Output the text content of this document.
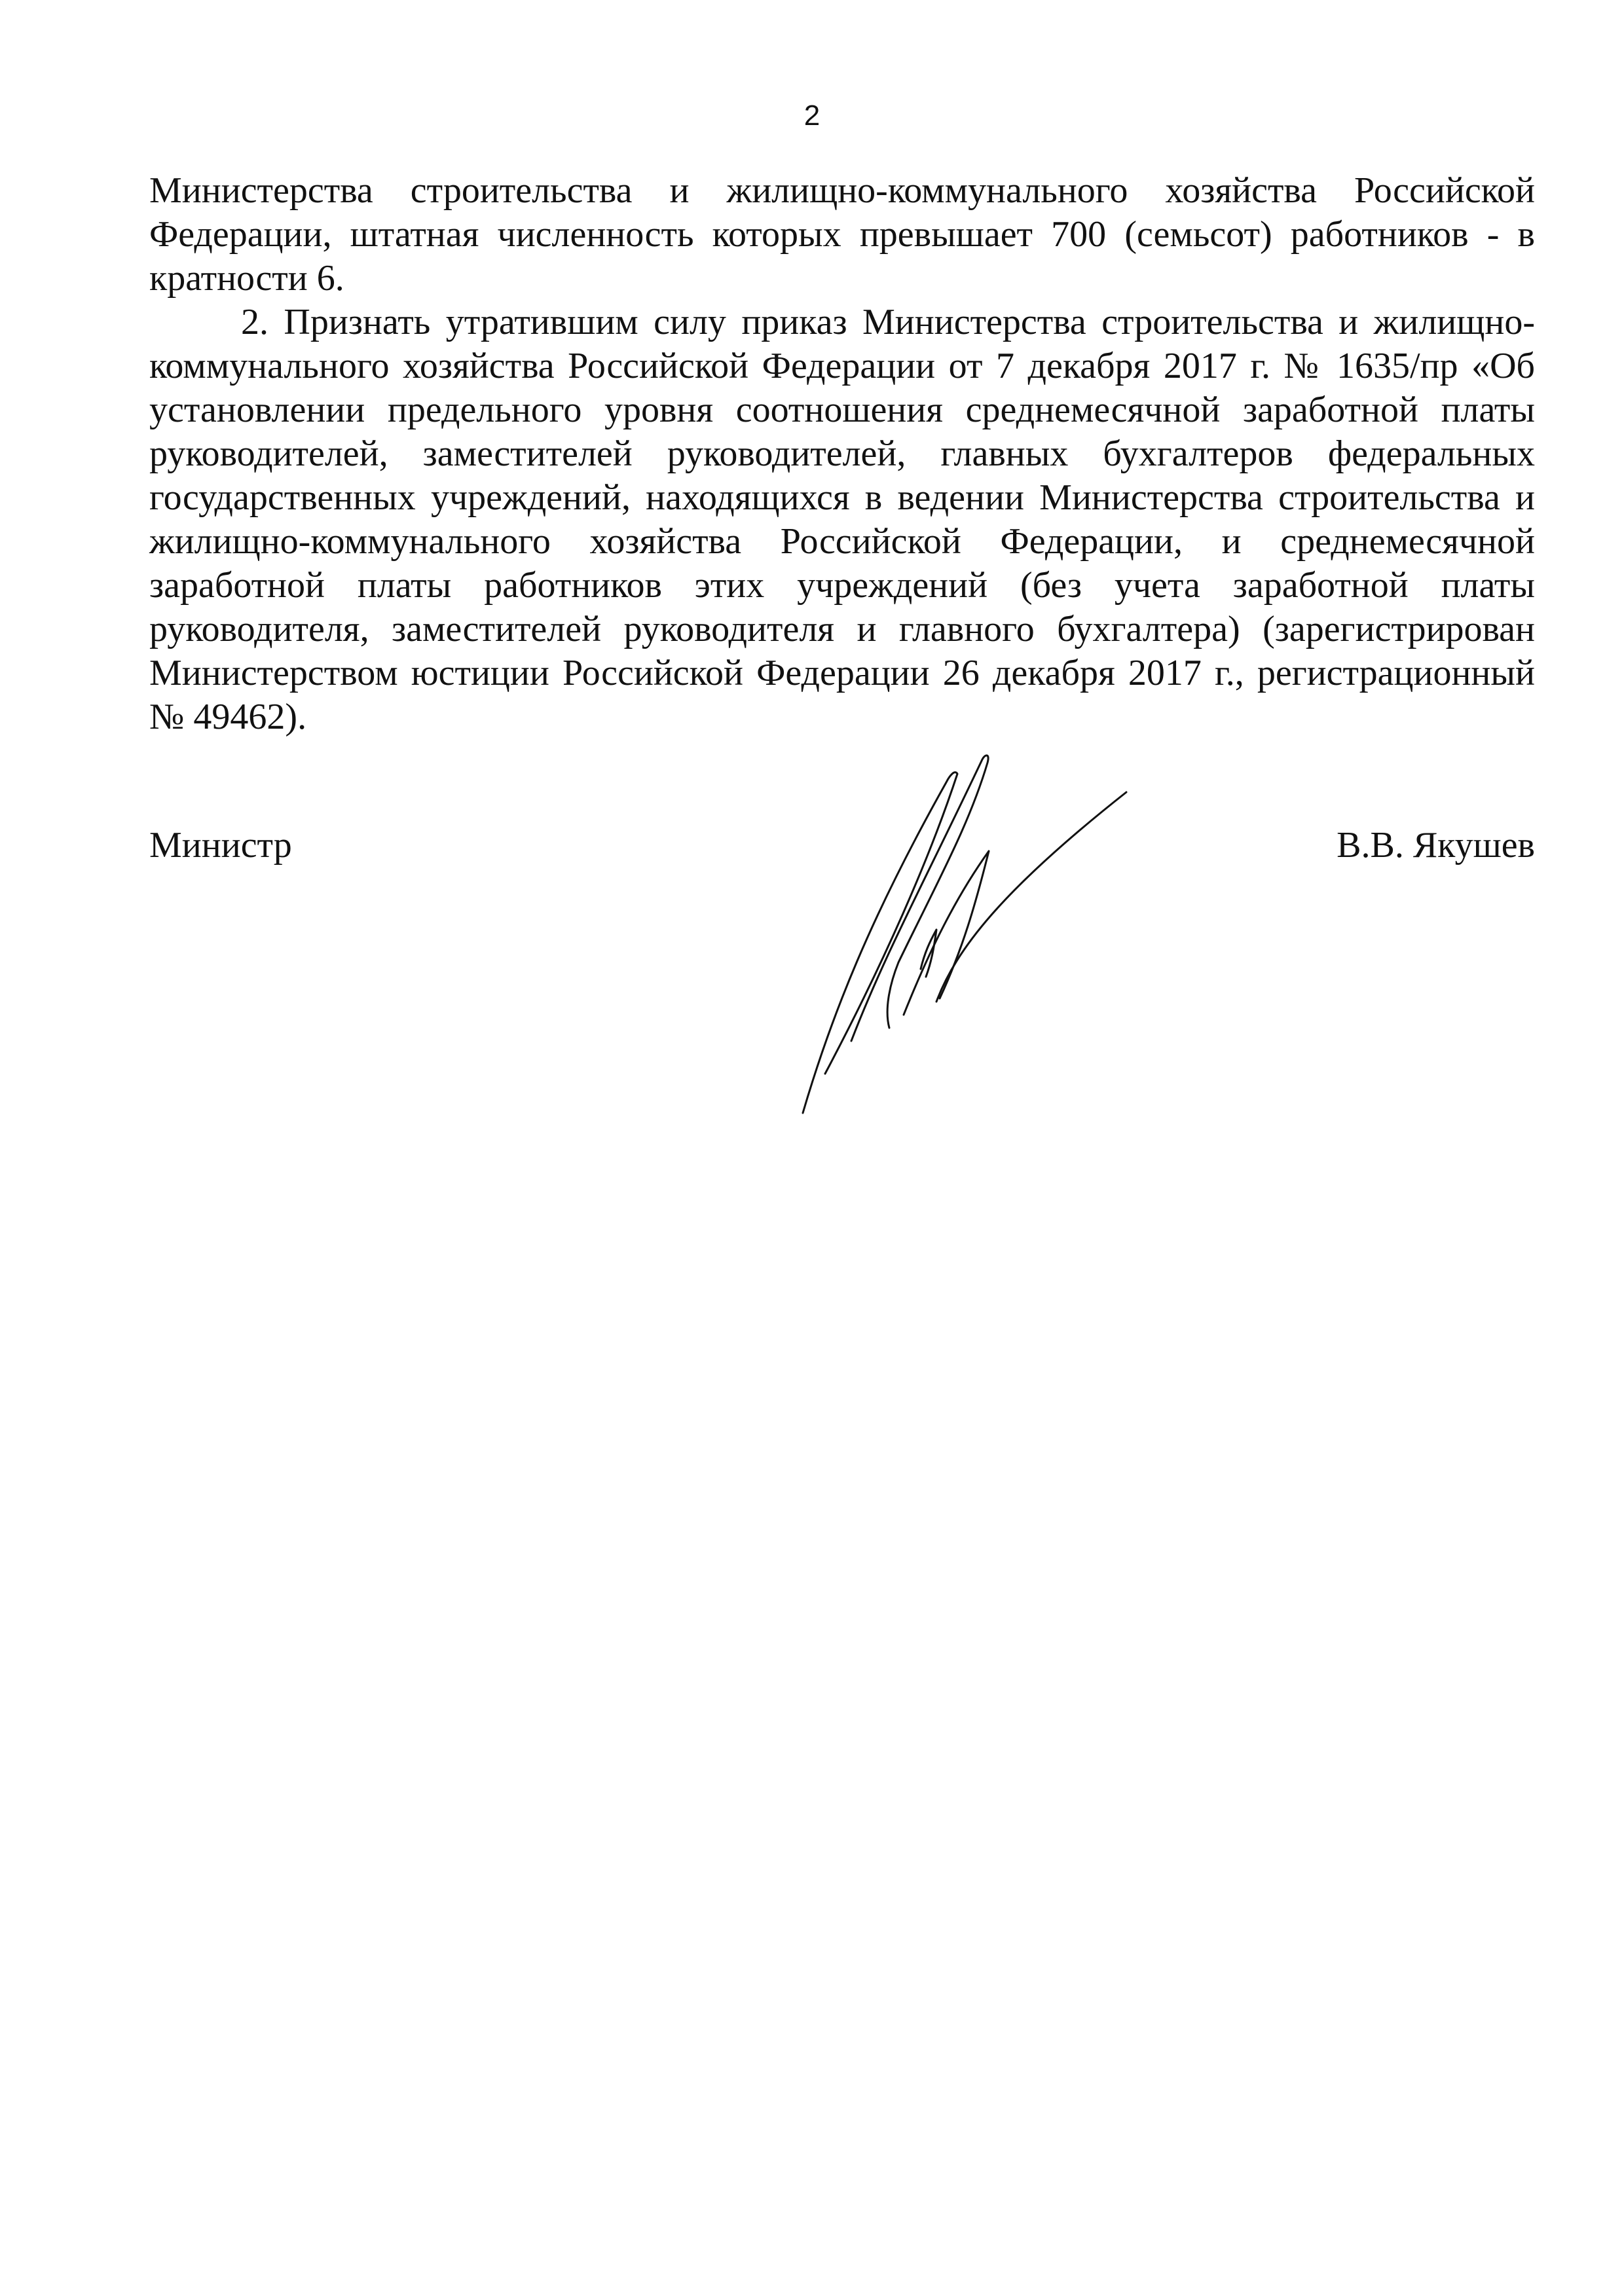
2

Министерства строительства и жилищно-коммунального хозяйства Российской Федерации, штатная численность которых превышает 700 (семьсот) работников - в кратности 6.

2. Признать утратившим силу приказ Министерства строительства и жилищно-коммунального хозяйства Российской Федерации от 7 декабря 2017 г. № 1635/пр «Об установлении предельного уровня соотношения среднемесячной заработной платы руководителей, заместителей руководителей, главных бухгалтеров федеральных государственных учреждений, находящихся в ведении Министерства строительства и жилищно-коммунального хозяйства Российской Федерации, и среднемесячной заработной платы работников этих учреждений (без учета заработной платы руководителя, заместителей руководителя и главного бухгалтера) (зарегистрирован Министерством юстиции Российской Федерации 26 декабря 2017 г., регистрационный № 49462).

Министр	В.В. Якушев
